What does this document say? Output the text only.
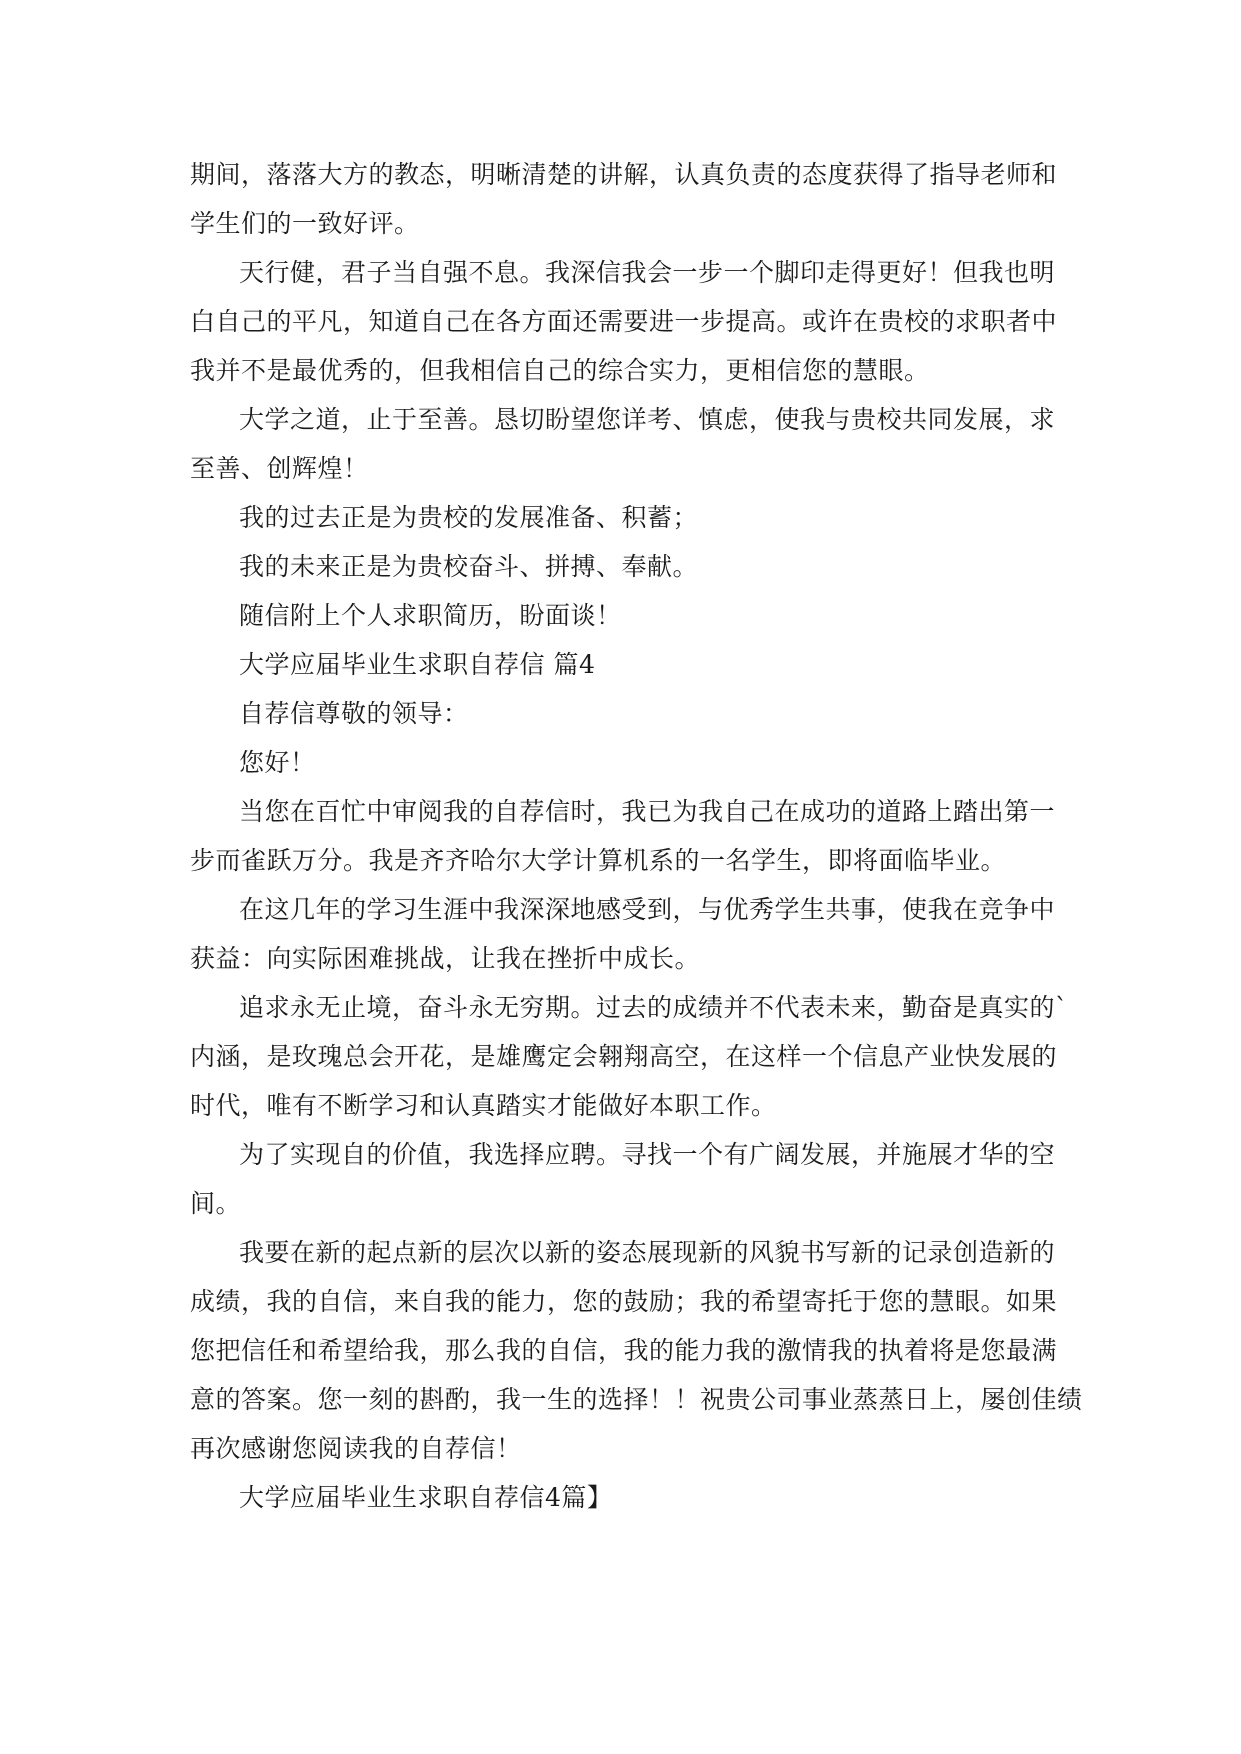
期间，落落大方的教态，明晰清楚的讲解，认真负责的态度获得了指导老师和
学生们的一致好评。
天行健，君子当自强不息。我深信我会一步一个脚印走得更好！但我也明
白自己的平凡，知道自己在各方面还需要进一步提高。或许在贵校的求职者中
我并不是最优秀的，但我相信自己的综合实力，更相信您的慧眼。
大学之道，止于至善。恳切盼望您详考、慎虑，使我与贵校共同发展，求
至善、创辉煌！
我的过去正是为贵校的发展准备、积蓄；
我的未来正是为贵校奋斗、拼搏、奉献。
随信附上个人求职简历，盼面谈！
大学应届毕业生求职自荐信 篇4
自荐信尊敬的领导：
您好！
当您在百忙中审阅我的自荐信时，我已为我自己在成功的道路上踏出第一
步而雀跃万分。我是齐齐哈尔大学计算机系的一名学生，即将面临毕业。
在这几年的学习生涯中我深深地感受到，与优秀学生共事，使我在竞争中
获益：向实际困难挑战，让我在挫折中成长。
追求永无止境，奋斗永无穷期。过去的成绩并不代表未来，勤奋是真实的`
内涵，是玫瑰总会开花，是雄鹰定会翱翔高空，在这样一个信息产业快发展的
时代，唯有不断学习和认真踏实才能做好本职工作。
为了实现自的价值，我选择应聘。寻找一个有广阔发展，并施展才华的空
间。
我要在新的起点新的层次以新的姿态展现新的风貌书写新的记录创造新的
成绩，我的自信，来自我的能力，您的鼓励；我的希望寄托于您的慧眼。如果
您把信任和希望给我，那么我的自信，我的能力我的激情我的执着将是您最满
意的答案。您一刻的斟酌，我一生的选择！！祝贵公司事业蒸蒸日上，屡创佳绩
再次感谢您阅读我的自荐信！
大学应届毕业生求职自荐信4篇】
